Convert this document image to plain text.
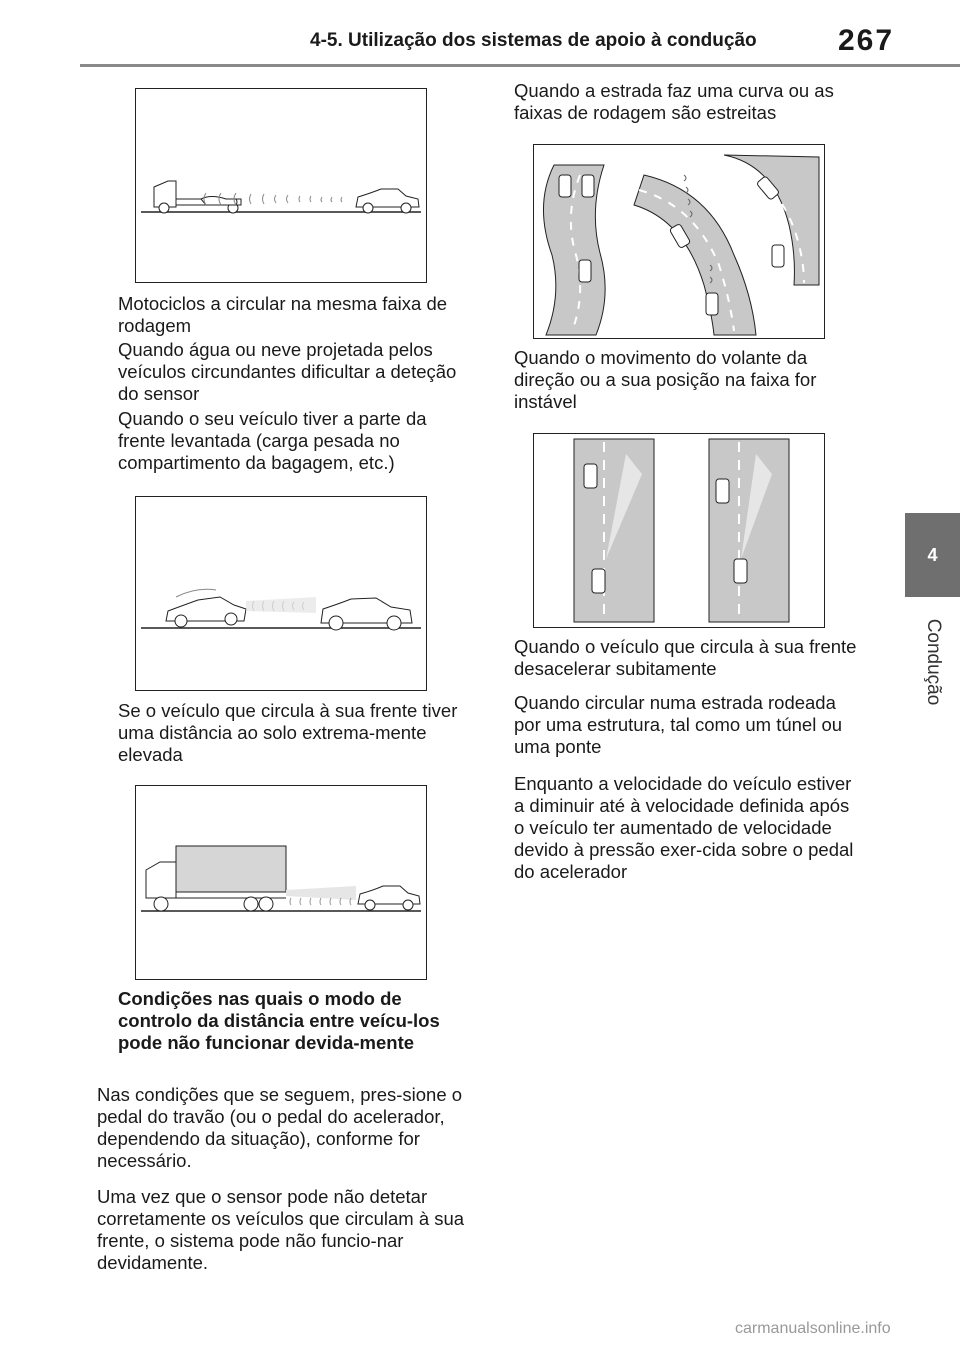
4-5. Utilização dos sistemas de apoio à condução	267
4
Condução

Motociclos a circular na mesma faixa de rodagem

Quando água ou neve projetada pelos veículos circundantes dificultar a deteção do sensor

Quando o seu veículo tiver a parte da frente levantada (carga pesada no compartimento da bagagem, etc.)

Se o veículo que circula à sua frente tiver uma distância ao solo extrema-mente elevada

Condições nas quais o modo de controlo da distância entre veícu-los pode não funcionar devida-mente

Nas condições que se seguem, pres-sione o pedal do travão (ou o pedal do acelerador, dependendo da situação), conforme for necessário.

Uma vez que o sensor pode não detetar corretamente os veículos que circulam à sua frente, o sistema pode não funcio-nar devidamente.

Quando a estrada faz uma curva ou as faixas de rodagem são estreitas

Quando o movimento do volante da direção ou a sua posição na faixa for instável

Quando o veículo que circula à sua frente desacelerar subitamente

Quando circular numa estrada rodeada por uma estrutura, tal como um túnel ou uma ponte

Enquanto a velocidade do veículo estiver a diminuir até à velocidade definida após o veículo ter aumentado de velocidade devido à pressão exer-cida sobre o pedal do acelerador

carmanualsonline.info
